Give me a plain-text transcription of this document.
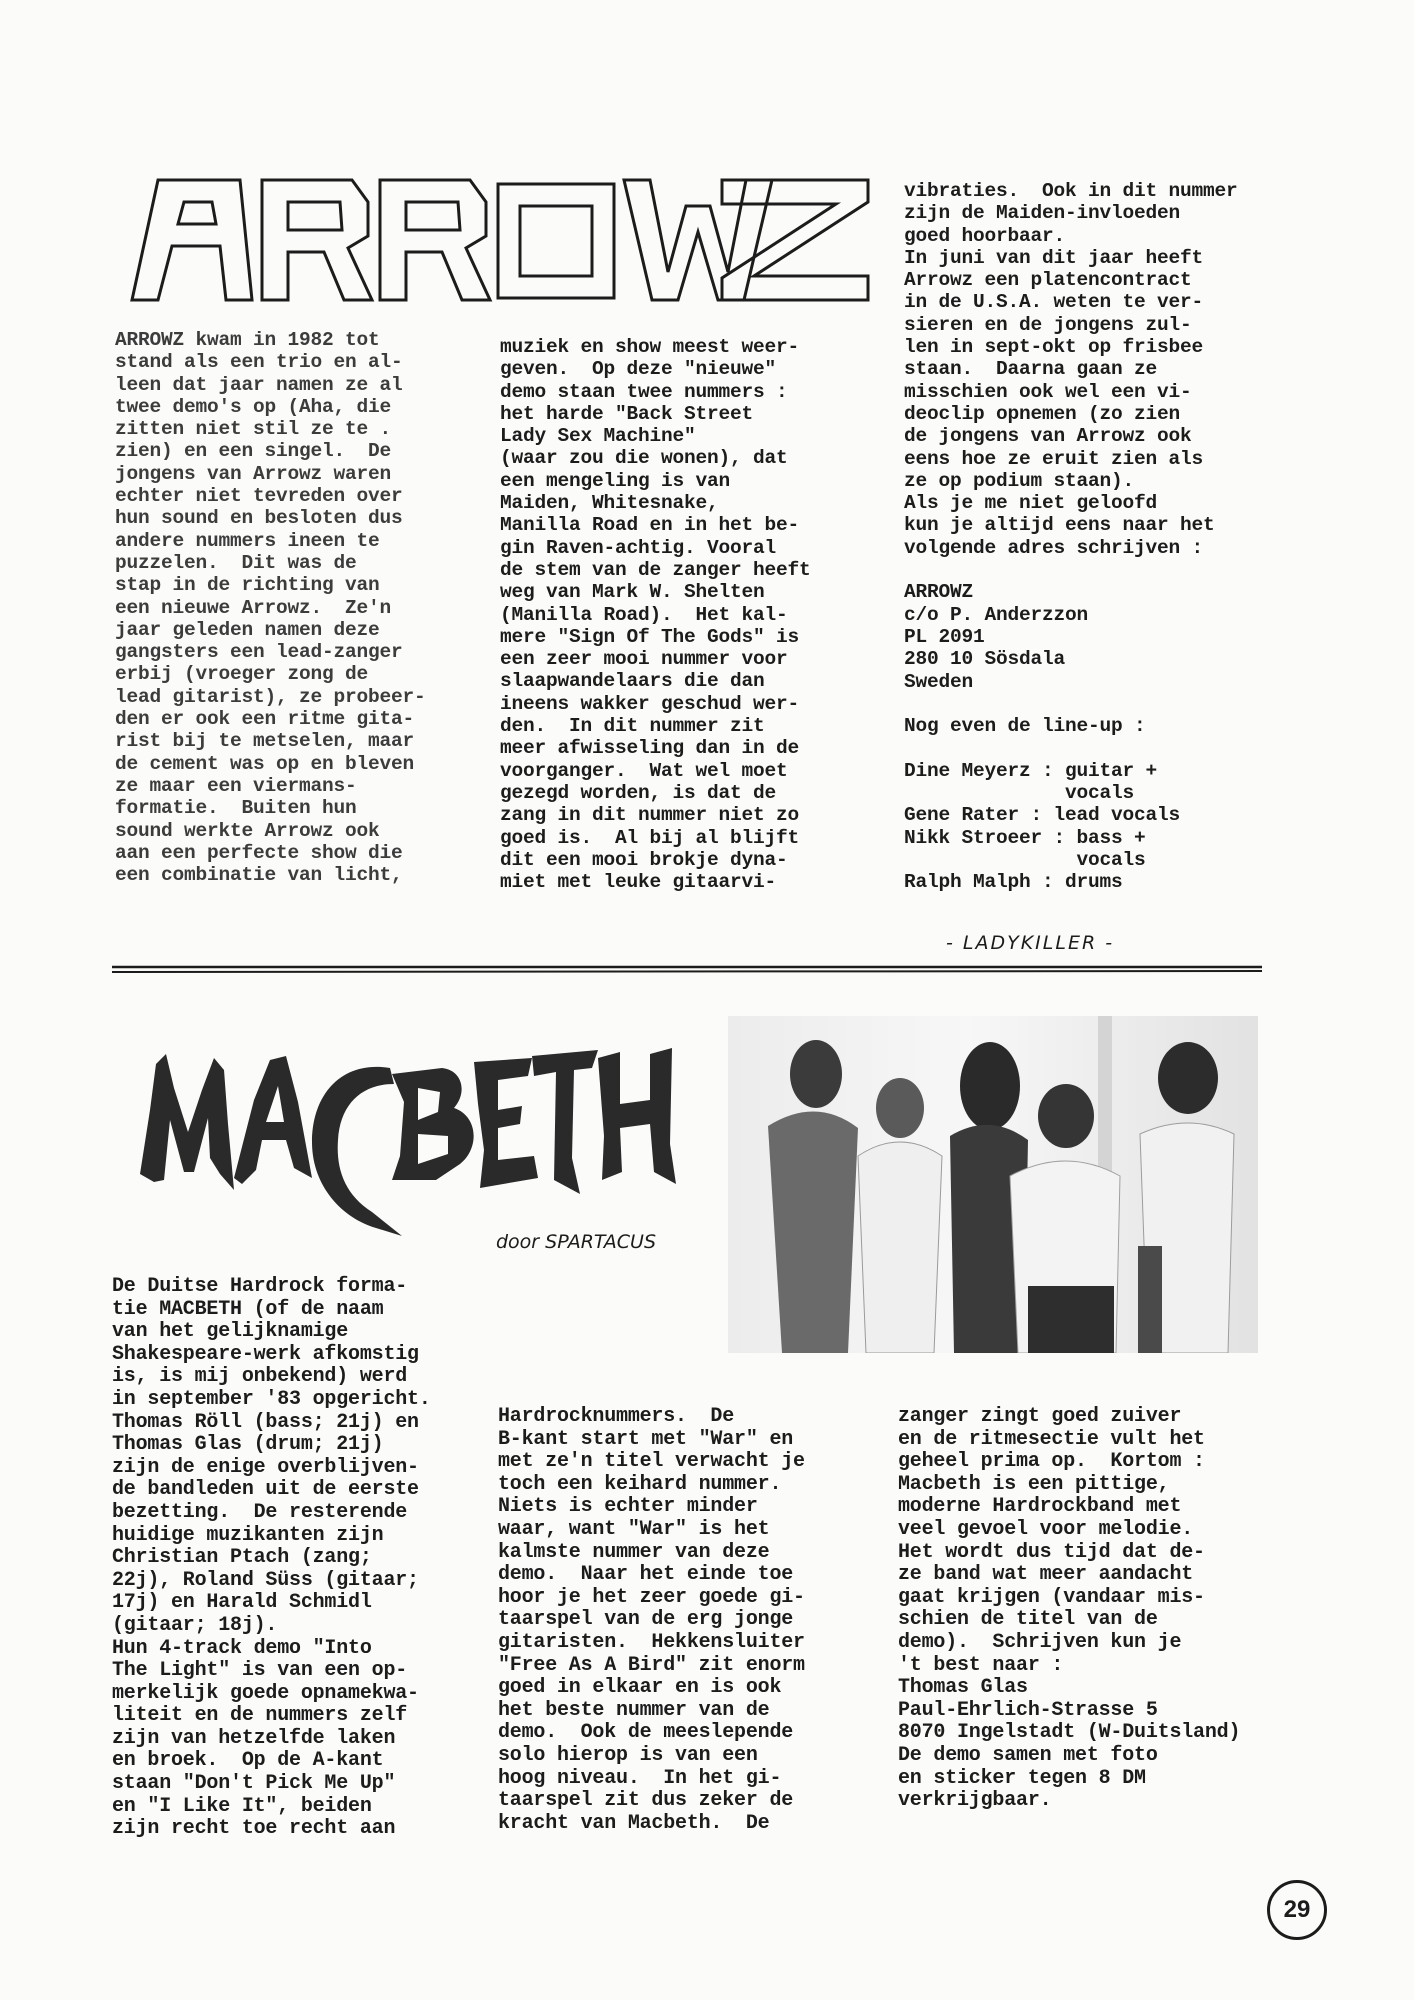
ARROWZ kwam in 1982 tot
stand als een trio en al-
leen dat jaar namen ze al
twee demo's op (Aha, die
zitten niet stil ze te .
zien) en een singel.  De
jongens van Arrowz waren
echter niet tevreden over
hun sound en besloten dus
andere nummers ineen te
puzzelen.  Dit was de
stap in de richting van
een nieuwe Arrowz.  Ze'n
jaar geleden namen deze
gangsters een lead-zanger
erbij (vroeger zong de
lead gitarist), ze probeer-
den er ook een ritme gita-
rist bij te metselen, maar
de cement was op en bleven
ze maar een viermans-
formatie.  Buiten hun
sound werkte Arrowz ook
aan een perfecte show die
een combinatie van licht,
muziek en show meest weer-
geven.  Op deze "nieuwe"
demo staan twee nummers :
het harde "Back Street
Lady Sex Machine"
(waar zou die wonen), dat
een mengeling is van
Maiden, Whitesnake,
Manilla Road en in het be-
gin Raven-achtig. Vooral
de stem van de zanger heeft
weg van Mark W. Shelten
(Manilla Road).  Het kal-
mere "Sign Of The Gods" is
een zeer mooi nummer voor
slaapwandelaars die dan
ineens wakker geschud wer-
den.  In dit nummer zit
meer afwisseling dan in de
voorganger.  Wat wel moet
gezegd worden, is dat de
zang in dit nummer niet zo
goed is.  Al bij al blijft
dit een mooi brokje dyna-
miet met leuke gitaarvi-
vibraties.  Ook in dit nummer
zijn de Maiden-invloeden
goed hoorbaar.
In juni van dit jaar heeft
Arrowz een platencontract
in de U.S.A. weten te ver-
sieren en de jongens zul-
len in sept-okt op frisbee
staan.  Daarna gaan ze
misschien ook wel een vi-
deoclip opnemen (zo zien
de jongens van Arrowz ook
eens hoe ze eruit zien als
ze op podium staan).
Als je me niet geloofd
kun je altijd eens naar het
volgende adres schrijven :

ARROWZ
c/o P. Anderzzon
PL 2091
280 10 Sösdala
Sweden

Nog even de line-up :

Dine Meyerz : guitar +
vocals
Gene Rater : lead vocals
Nikk Stroeer : bass +
vocals
Ralph Malph : drums
- LADYKILLER -
door SPARTACUS
De Duitse Hardrock forma-
tie MACBETH (of de naam
van het gelijknamige
Shakespeare-werk afkomstig
is, is mij onbekend) werd
in september '83 opgericht.
Thomas Röll (bass; 21j) en
Thomas Glas (drum; 21j)
zijn de enige overblijven-
de bandleden uit de eerste
bezetting.  De resterende
huidige muzikanten zijn
Christian Ptach (zang;
22j), Roland Süss (gitaar;
17j) en Harald Schmidl
(gitaar; 18j).
Hun 4-track demo "Into
The Light" is van een op-
merkelijk goede opnamekwa-
liteit en de nummers zelf
zijn van hetzelfde laken
en broek.  Op de A-kant
staan "Don't Pick Me Up"
en "I Like It", beiden
zijn recht toe recht aan
Hardrocknummers.  De
B-kant start met "War" en
met ze'n titel verwacht je
toch een keihard nummer.
Niets is echter minder
waar, want "War" is het
kalmste nummer van deze
demo.  Naar het einde toe
hoor je het zeer goede gi-
taarspel van de erg jonge
gitaristen.  Hekkensluiter
"Free As A Bird" zit enorm
goed in elkaar en is ook
het beste nummer van de
demo.  Ook de meeslepende
solo hierop is van een
hoog niveau.  In het gi-
taarspel zit dus zeker de
kracht van Macbeth.  De
zanger zingt goed zuiver
en de ritmesectie vult het
geheel prima op.  Kortom :
Macbeth is een pittige,
moderne Hardrockband met
veel gevoel voor melodie.
Het wordt dus tijd dat de-
ze band wat meer aandacht
gaat krijgen (vandaar mis-
schien de titel van de
demo).  Schrijven kun je
't best naar :
Thomas Glas
Paul-Ehrlich-Strasse 5
8070 Ingelstadt (W-Duitsland)
De demo samen met foto
en sticker tegen 8 DM
verkrijgbaar.
29
